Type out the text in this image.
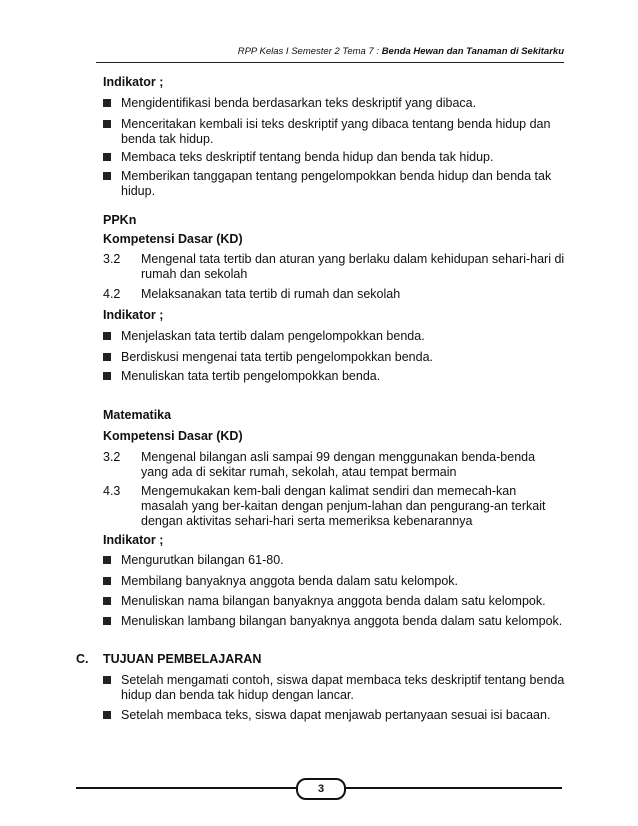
RPP Kelas I Semester 2 Tema 7 : Benda Hewan dan Tanaman di Sekitarku
Indikator ;
Mengidentifikasi benda berdasarkan teks deskriptif yang dibaca.
Menceritakan kembali isi teks deskriptif yang dibaca tentang benda hidup dan benda tak hidup.
Membaca teks deskriptif tentang benda hidup dan benda tak hidup.
Memberikan tanggapan tentang pengelompokkan benda hidup dan benda tak hidup.
PPKn
Kompetensi Dasar (KD)
3.2 Mengenal tata tertib dan aturan yang berlaku dalam kehidupan sehari-hari di rumah dan sekolah
4.2 Melaksanakan tata tertib di rumah dan sekolah
Indikator ;
Menjelaskan tata tertib dalam pengelompokkan benda.
Berdiskusi mengenai tata tertib pengelompokkan benda.
Menuliskan tata tertib pengelompokkan benda.
Matematika
Kompetensi Dasar (KD)
3.2 Mengenal bilangan asli sampai 99 dengan menggunakan benda-benda yang ada di sekitar rumah, sekolah, atau tempat bermain
4.3 Mengemukakan kem-bali dengan kalimat sendiri dan memecah-kan masalah yang ber-kaitan dengan penjum-lahan dan pengurang-an terkait dengan aktivitas sehari-hari serta memeriksa kebenarannya
Indikator ;
Mengurutkan bilangan 61-80.
Membilang banyaknya anggota benda dalam satu kelompok.
Menuliskan nama bilangan banyaknya anggota benda dalam satu kelompok.
Menuliskan lambang bilangan banyaknya anggota benda dalam satu kelompok.
C. TUJUAN PEMBELAJARAN
Setelah mengamati contoh, siswa dapat membaca teks deskriptif tentang benda hidup dan benda tak hidup dengan lancar.
Setelah membaca teks, siswa dapat menjawab pertanyaan sesuai isi bacaan.
3
